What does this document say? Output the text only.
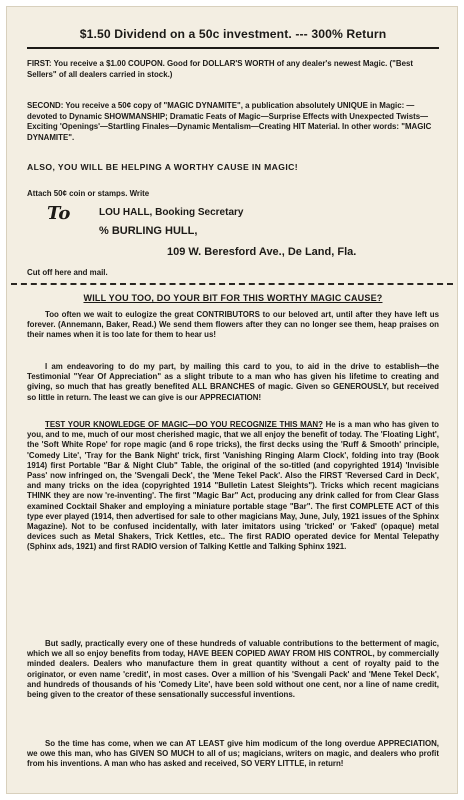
$1.50 Dividend on a 50c investment. --- 300% Return

FIRST: You receive a $1.00 COUPON. Good for DOLLAR'S WORTH of any dealer's newest Magic. ("Best Sellers" of all dealers carried in stock.)

SECOND: You receive a 50¢ copy of "MAGIC DYNAMITE", a publication absolutely UNIQUE in Magic: —devoted to Dynamic SHOWMANSHIP; Dramatic Feats of Magic—Surprise Effects with Unexpected Twists—Exciting 'Openings'—Startling Finales—Dynamic Mentalism—Creating HIT Material. In other words: "MAGIC DYNAMITE".

ALSO, YOU WILL BE HELPING A WORTHY CAUSE IN MAGIC!
Attach 50¢ coin or stamps. Write
To	LOU HALL, Booking Secretary
% BURLING HULL,
109 W. Beresford Ave., De Land, Fla.
Cut off here and mail.
WILL YOU TOO, DO YOUR BIT FOR THIS WORTHY MAGIC CAUSE?

Too often we wait to eulogize the great CONTRIBUTORS to our beloved art, until after they have left us forever. (Annemann, Baker, Read.) We send them flowers after they can no longer see them, heap praises on their names when it is too late for them to hear us!

I am endeavoring to do my part, by mailing this card to you, to aid in the drive to establish—the Testimonial "Year Of Appreciation" as a slight tribute to a man who has given his lifetime to creating and giving, so much that has greatly benefited ALL BRANCHES of magic. Given so GENEROUSLY, but received so little in return. The least we can give is our APPRECIATION!

TEST YOUR KNOWLEDGE OF MAGIC—DO YOU RECOGNIZE THIS MAN? He is a man who has given to you, and to me, much of our most cherished magic, that we all enjoy the benefit of today. The 'Floating Light', the 'Soft White Rope' for rope magic (and 6 rope tricks), the first decks using the 'Ruff & Smooth' principle, 'Comedy Lite', 'Tray for the Bank Night' trick, first 'Vanishing Ringing Alarm Clock', folding into tray (Book 1914) first Portable "Bar & Night Club" Table, the original of the so-titled (and copyrighted 1914) 'Invisible Pass' now infringed on, the 'Svengali Deck', the 'Mene Tekel Pack'. Also the FIRST 'Reversed Card in Deck', and many tricks on the idea (copyrighted 1914 "Bulletin Latest Sleights"). Tricks which recent magicians THINK they are now 're-inventing'. The first "Magic Bar" Act, producing any drink called for from Clear Glass examined Cocktail Shaker and employing a miniature portable stage "Bar". The first COMPLETE ACT of this type ever played (1914, then advertised for sale to other magicians May, June, July, 1921 issues of the Sphinx Magazine). Not to be confused incidentally, with later imitators using 'tricked' or 'Faked' (opaque) metal devices such as Metal Shakers, Trick Kettles, etc.. The first RADIO operated device for Mental Telepathy (Sphinx ads, 1921) and first RADIO version of Talking Kettle and Talking Sphinx 1921.

But sadly, practically every one of these hundreds of valuable contributions to the betterment of magic, which we all so enjoy benefits from today, HAVE BEEN COPIED AWAY FROM HIS CONTROL, by commercially minded dealers. Dealers who manufacture them in great quantity without a cent of royalty paid to the originator, or even name 'credit', in most cases. Over a million of his 'Svengali Pack' and 'Mene Tekel Deck', and hundreds of thousands of his 'Comedy Lite', have been sold without one cent, nor a line of name credit, being given to the creator of these sensationally successful inventions.

So the time has come, when we can AT LEAST give him modicum of the long overdue APPRECIATION, we owe this man, who has GIVEN SO MUCH to all of us; magicians, writers on magic, and dealers who profit from his inventions. A man who has asked and received, SO VERY LITTLE, in return!
